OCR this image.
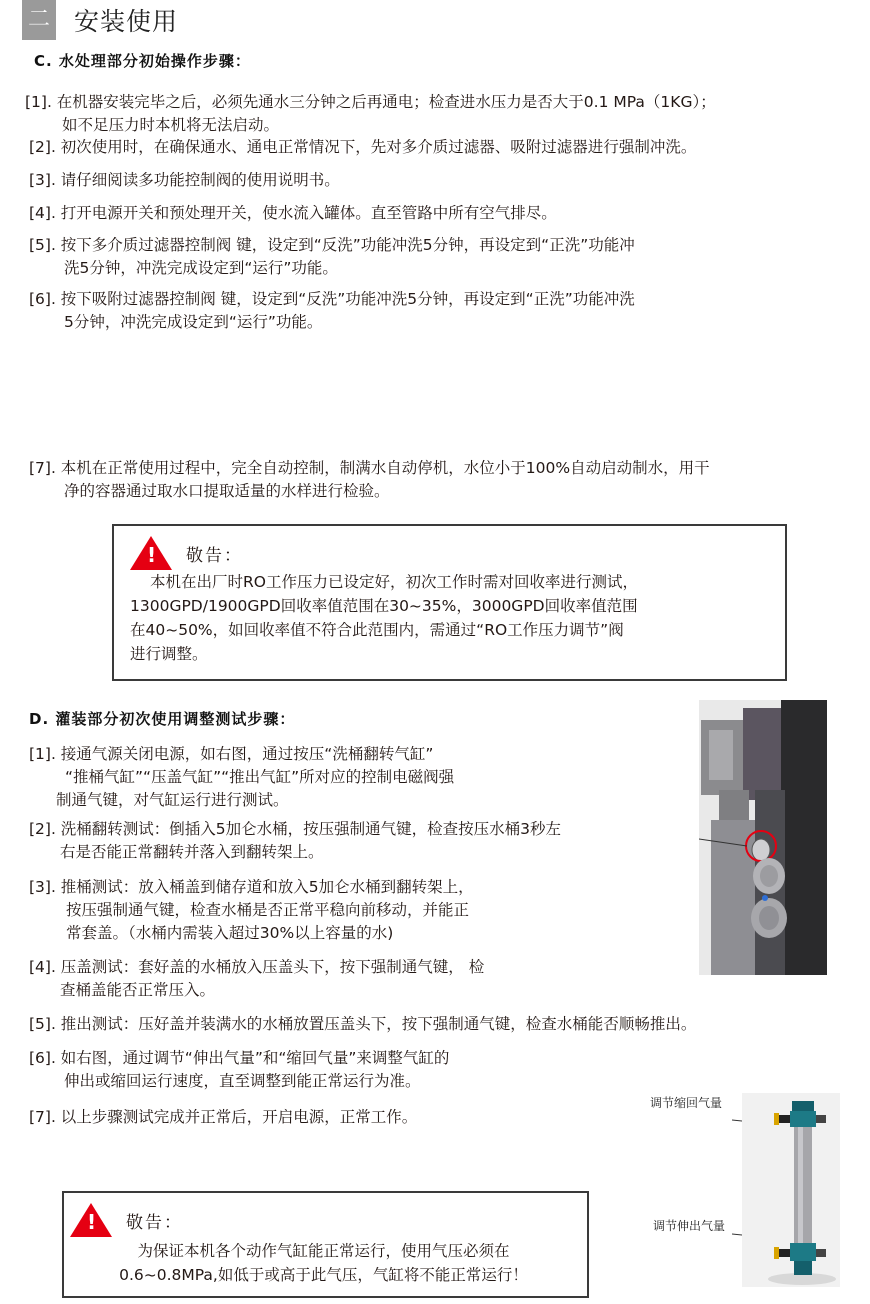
二 安装使用
C. 水处理部分初始操作步骤：
[1]. 在机器安装完毕之后，必须先通水三分钟之后再通电；检查进水压力是否大于0.1 MPa（1KG）；
如不足压力时本机将无法启动。
[2]. 初次使用时，在确保通水、通电正常情况下，先对多介质过滤器、吸附过滤器进行强制冲洗。
[3]. 请仔细阅读多功能控制阀的使用说明书。
[4]. 打开电源开关和预处理开关，使水流入罐体。直至管路中所有空气排尽。
[5]. 按下多介质过滤器控制阀 键，设定到“反洗”功能冲洗5分钟，再设定到“正洗”功能冲
洗5分钟，冲洗完成设定到“运行”功能。
[6]. 按下吸附过滤器控制阀 键，设定到“反洗”功能冲洗5分钟，再设定到“正洗”功能冲洗
5分钟，冲洗完成设定到“运行”功能。
[7]. 本机在正常使用过程中，完全自动控制，制满水自动停机，水位小于100%自动启动制水，用干
净的容器通过取水口提取适量的水样进行检验。
! 敬告：
本机在出厂时RO工作压力已设定好，初次工作时需对回收率进行测试，
1300GPD/1900GPD回收率值范围在30~35%，3000GPD回收率值范围
在40~50%，如回收率值不符合此范围内，需通过“RO工作压力调节”阀
进行调整。
D. 灌装部分初次使用调整测试步骤：
[1]. 接通气源关闭电源，如右图，通过按压“洗桶翻转气缸”
“推桶气缸”“压盖气缸”“推出气缸”所对应的控制电磁阀强
制通气键，对气缸运行进行测试。
[2]. 洗桶翻转测试：倒插入5加仑水桶，按压强制通气键，检查按压水桶3秒左
右是否能正常翻转并落入到翻转架上。
[3]. 推桶测试：放入桶盖到储存道和放入5加仑水桶到翻转架上，
按压强制通气键，检查水桶是否正常平稳向前移动，并能正
常套盖。（水桶内需装入超过30%以上容量的水)
[4]. 压盖测试：套好盖的水桶放入压盖头下，按下强制通气键， 检
查桶盖能否正常压入。
[5]. 推出测试：压好盖并装满水的水桶放置压盖头下，按下强制通气键，检查水桶能否顺畅推出。
[6]. 如右图，通过调节“伸出气量”和“缩回气量”来调整气缸的
伸出或缩回运行速度，直至调整到能正常运行为准。
[7]. 以上步骤测试完成并正常后，开启电源，正常工作。
! 敬告：
为保证本机各个动作气缸能正常运行，使用气压必须在
0.6~0.8MPa,如低于或高于此气压，气缸将不能正常运行！
调节缩回气量
调节伸出气量
